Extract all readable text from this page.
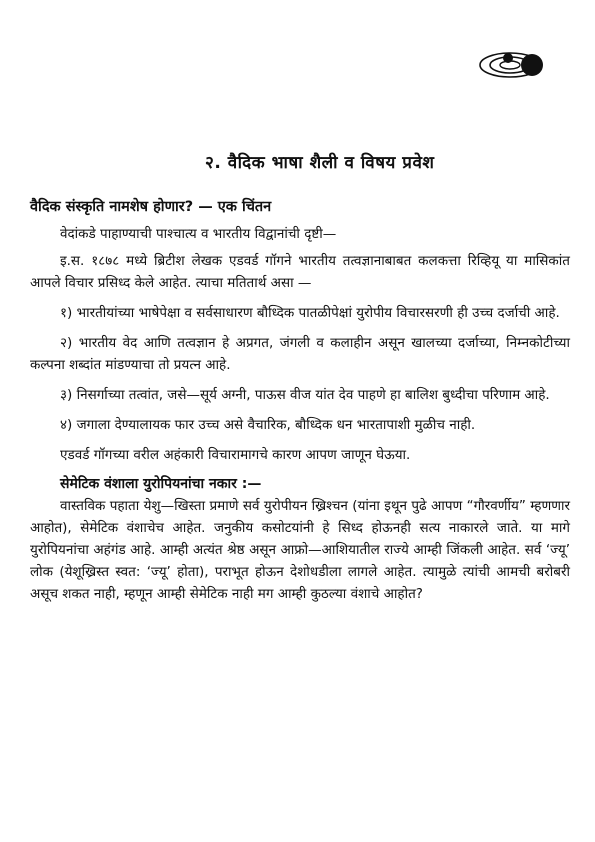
२. वैदिक भाषा शैली व विषय प्रवेश
वैदिक संस्कृति नामशेष होणार? — एक चिंतन
वेदांकडे पाहाण्याची पाश्चात्य व भारतीय विद्वानांची दृष्टी—

इ.स. १८७८ मध्ये ब्रिटीश लेखक एडवर्ड गॉगने भारतीय तत्वज्ञानाबाबत कलकत्ता रिव्हियू या मासिकांत आपले विचार प्रसिध्द केले आहेत. त्याचा मतितार्थ असा —

१) भारतीयांच्या भाषेपेक्षा व सर्वसाधारण बौध्दिक पातळीपेक्षां युरोपीय विचारसरणी ही उच्च दर्जाची आहे.

२) भारतीय वेद आणि तत्वज्ञान हे अप्रगत, जंगली व कलाहीन असून खालच्या दर्जाच्या, निम्नकोटीच्या कल्पना शब्दांत मांडण्याचा तो प्रयत्न आहे.

३) निसर्गाच्या तत्वांत, जसे—सूर्य अग्नी, पाऊस वीज यांत देव पाहणे हा बालिश बुध्दीचा परिणाम आहे.

४) जगाला देण्यालायक फार उच्च असे वैचारिक, बौध्दिक धन भारतापाशी मुळीच नाही.

एडवर्ड गॉगच्या वरील अहंकारी विचारामागचे कारण आपण जाणून घेऊया.

सेमेटिक वंशाला युरोपियनांचा नकार :—

वास्तविक पहाता येशु—खिस्ता प्रमाणे सर्व युरोपीयन ख्रिश्चन (यांना इथून पुढे आपण “गौरवर्णीय” म्हणणार आहोत), सेमेटिक वंशाचेच आहेत. जनुकीय कसोटयांनी हे सिध्द होऊनही सत्य नाकारले जाते. या मागे युरोपियनांचा अहंगंड आहे. आम्ही अत्यंत श्रेष्ठ असून आफ्रो—आशियातील राज्ये आम्ही जिंकली आहेत. सर्व ‘ज्यू’ लोक (येशूख्रिस्त स्वत: ‘ज्यू’ होता), पराभूत होऊन देशोधडीला लागले आहेत. त्यामुळे त्यांची आमची बरोबरी असूच शकत नाही, म्हणून आम्ही सेमेटिक नाही मग आम्ही कुठल्या वंशाचे आहोत?
